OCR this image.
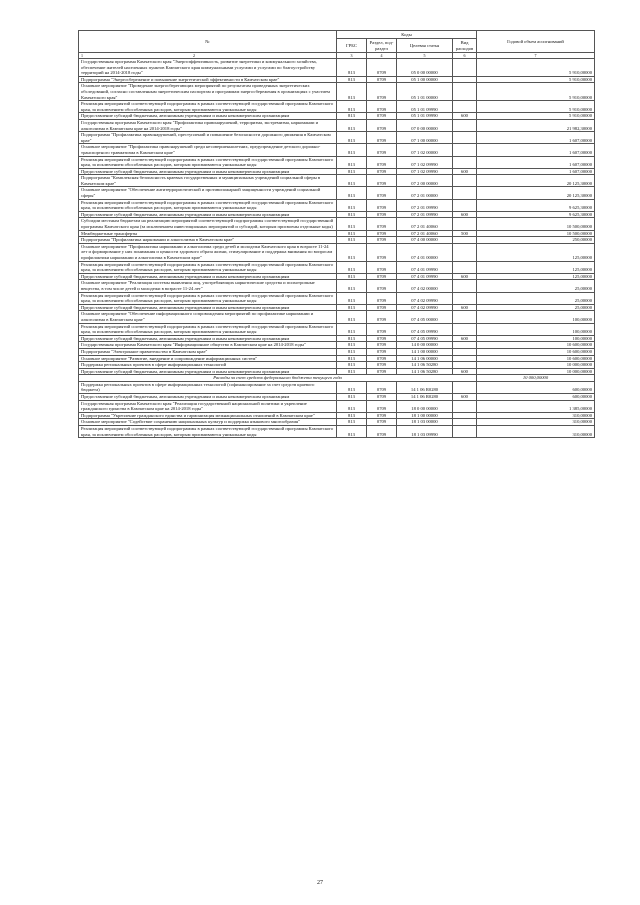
№	Коды				Годовой объем ассигнований
	ГРБС	Раздел, под-раздел	Целевая статья	Вид расходов	
1 2	3	4	5	6	7
Государственная программа Камчатского края "Энергоэффективность, развитие энергетики и коммунального хозяйства, обеспечение жителей населенных пунктов Камчатского края коммунальными услугами и услугами по благоустройству территорий на 2014-2018 годы"	813	0709	05 0 00 00000		5 910,00000
Подпрограмма "Энергосбережение и повышение энергетической эффективности в Камчатском крае"	813	0709	05 1 00 00000		5 910,00000
Основное мероприятие "Проведение энергосберегающих мероприятий по результатам проведенных энергетических обследований, согласно составленным энергетическим паспортам и программам энергосбережения в организациях с участием Камчатского края"	813	0709	05 1 01 00000		5 910,00000
Реализация мероприятий соответствующей подпрограммы в рамках соответствующей государственной программы Камчатского края, за исключением обособленных расходов, которым присваиваются уникальные коды	813	0709	05 1 01 09990		5 910,00000
Предоставление субсидий бюджетным, автономным учреждениям и иным некоммерческим организациям	813	0709	05 1 01 09990	600	5 910,00000
Государственная программа Камчатского края "Профилактика правонарушений, терроризма, экстремизма, наркомании и алкоголизма в Камчатском крае на 2014-2018 годы"	813	0709	07 0 00 00000		21 982,30000
Подпрограмма "Профилактика правонарушений, преступлений и повышение безопасности дорожного движения в Камчатском крае"	813	0709	07 1 00 00000		1 607,00000
Основное мероприятие "Профилактика правонарушений среди несовершеннолетних, предупреждение детского дорожно-транспортного травматизма в Камчатском крае"	813	0709	07 1 02 00000		1 607,00000
Реализация мероприятий соответствующей подпрограммы в рамках соответствующей государственной программы Камчатского края, за исключением обособленных расходов, которым присваиваются уникальные коды	813	0709	07 1 02 09990		1 607,00000
Предоставление субсидий бюджетным, автономным учреждениям и иным некоммерческим организациям	813	0709	07 1 02 09990	600	1 607,00000
Подпрограмма "Комплексная безопасность краевых государственных и муниципальных учреждений социальной сферы в Камчатском крае"	813	0709	07 2 00 00000		20 125,30000
Основное мероприятие "Обеспечение антитеррористической и противопожарной защищенности учреждений социальной сферы"	813	0709	07 2 01 00000		20 125,30000
Реализация мероприятий соответствующей подпрограммы в рамках соответствующей государственной программы Камчатского края, за исключением обособленных расходов, которым присваиваются уникальные коды	813	0709	07 2 01 09990		9 625,30000
Предоставление субсидий бюджетным, автономным учреждениям и иным некоммерческим организациям	813	0709	07 2 01 09990	600	9 625,30000
Субсидии местным бюджетам на реализацию мероприятий соответствующей подпрограммы соответствующей государственной программы Камчатского края (за исключением инвестиционных мероприятий и субсидий, которым присвоены отдельные коды)	813	0709	07 2 01 40060		10 500,00000
Межбюджетные трансферты	813	0709	07 2 01 40060	500	10 500,00000
Подпрограмма "Профилактика наркомании и алкоголизма в Камчатском крае"	813	0709	07 4 00 00000		250,00000
Основное мероприятие "Профилактика наркомании и алкоголизма среди детей и молодежи Камчатского края в возрасте 11-24 лет и формирование у них понимания и ценности здорового образа жизни, стимулирование и поддержка внимания по вопросам профилактики наркомании и алкоголизма в Камчатском крае"	813	0709	07 4 01 00000		125,00000
Реализация мероприятий соответствующей подпрограммы в рамках соответствующей государственной программы Камчатского края, за исключением обособленных расходов, которым присваиваются уникальные коды	813	0709	07 4 01 09990		125,00000
Предоставление субсидий бюджетным, автономным учреждениям и иным некоммерческим организациям	813	0709	07 4 01 09990	600	125,00000
Основное мероприятие "Реализация системы выявления лиц, употребляющих наркотические средства и психотропные вещества, в том числе детей и молодежи в возрасте 11-24 лет"	813	0709	07 4 02 00000		25,00000
Реализация мероприятий соответствующей подпрограммы в рамках соответствующей государственной программы Камчатского края, за исключением обособленных расходов, которым присваиваются уникальные коды	813	0709	07 4 02 09990		25,00000
Предоставление субсидий бюджетным, автономным учреждениям и иным некоммерческим организациям	813	0709	07 4 02 09990	600	25,00000
Основное мероприятие "Обеспечение информационного сопровождения мероприятий по профилактике наркомании и алкоголизма в Камчатском крае"	813	0709	07 4 05 00000		100,00000
Реализация мероприятий соответствующей подпрограммы в рамках соответствующей государственной программы Камчатского края, за исключением обособленных расходов, которым присваиваются уникальные коды	813	0709	07 4 05 09990		100,00000
Предоставление субсидий бюджетным, автономным учреждениям и иным некоммерческим организациям	813	0709	07 4 05 09990	600	100,00000
Государственная программа Камчатского края "Информационное общество в Камчатском крае на 2014-2018 годы"	813	0709	14 0 00 00000		10 600,00000
Подпрограмма "Электронное правительство в Камчатском крае"	813	0709	14 1 00 00000		10 600,00000
Основное мероприятие "Развитие, внедрение и сопровождение информационных систем"	813	0709	14 1 06 00000		10 600,00000
Поддержка региональных проектов в сфере информационных технологий	813	0709	14 1 06 50280		10 000,00000
Предоставление субсидий бюджетным, автономным учреждениям и иным некоммерческим организациям	813	0709	14 1 06 50280	600	10 000,00000
Расходы за счет средств федерального бюджета текущего года					10 000,00000
Поддержка региональных проектов в сфере информационных технологий (софинансирование за счет средств краевого бюджета)	813	0709	14 1 06 R0280		600,00000
Предоставление субсидий бюджетным, автономным учреждениям и иным некоммерческим организациям	813	0709	14 1 06 R0280	600	600,00000
Государственная программа Камчатского края "Реализация государственной национальной политики и укрепление гражданского единства в Камчатском крае на 2014-2018 годы"	813	0709	18 0 00 00000		1 385,00000
Подпрограмма "Укрепление гражданского единства и гармонизация межнациональных отношений в Камчатском крае"	813	0709	18 1 00 00000		310,00000
Основное мероприятие "Содействие сохранению национальных культур и поддержка языкового многообразия"	813	0709	18 1 03 00000		310,00000
Реализация мероприятий соответствующей подпрограммы в рамках соответствующей государственной программы Камчатского края, за исключением обособленных расходов, которым присваиваются уникальные коды	813	0709	18 1 03 09990		310,00000
27
